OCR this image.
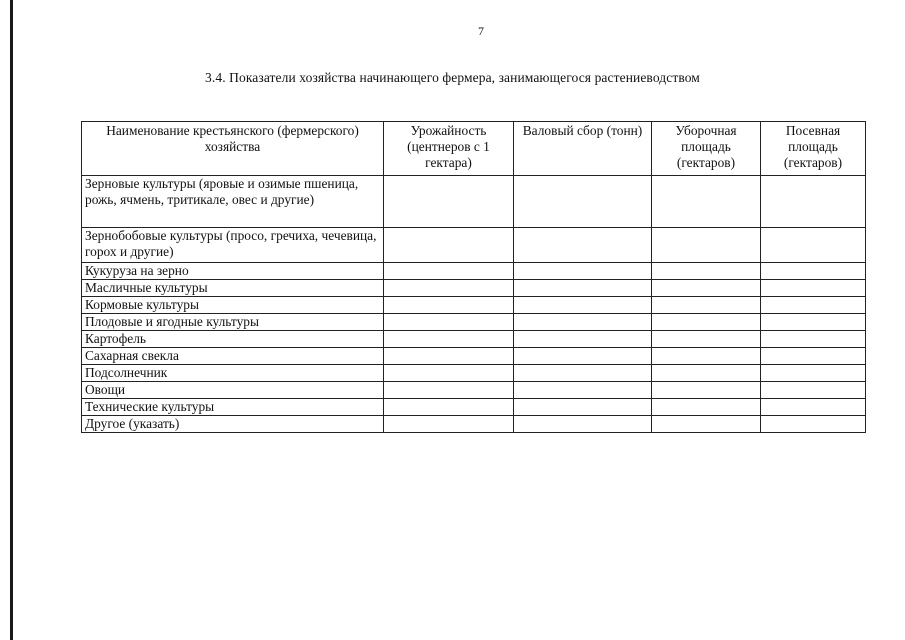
7
3.4. Показатели хозяйства начинающего фермера, занимающегося растениеводством
Наименование крестьянского (фермерского) хозяйства	Урожайность (центнеров с 1 гектара)	Валовый сбор (тонн)	Уборочная площадь (гектаров)	Посевная площадь (гектаров)
Зерновые культуры (яровые и озимые пшеница, рожь, ячмень, тритикале, овес и другие)				
Зернобобовые культуры (просо, гречиха, чечевица, горох и другие)				
Кукуруза на зерно				
Масличные культуры				
Кормовые культуры				
Плодовые и ягодные культуры				
Картофель				
Сахарная свекла				
Подсолнечник				
Овощи				
Технические культуры				
Другое (указать)				
